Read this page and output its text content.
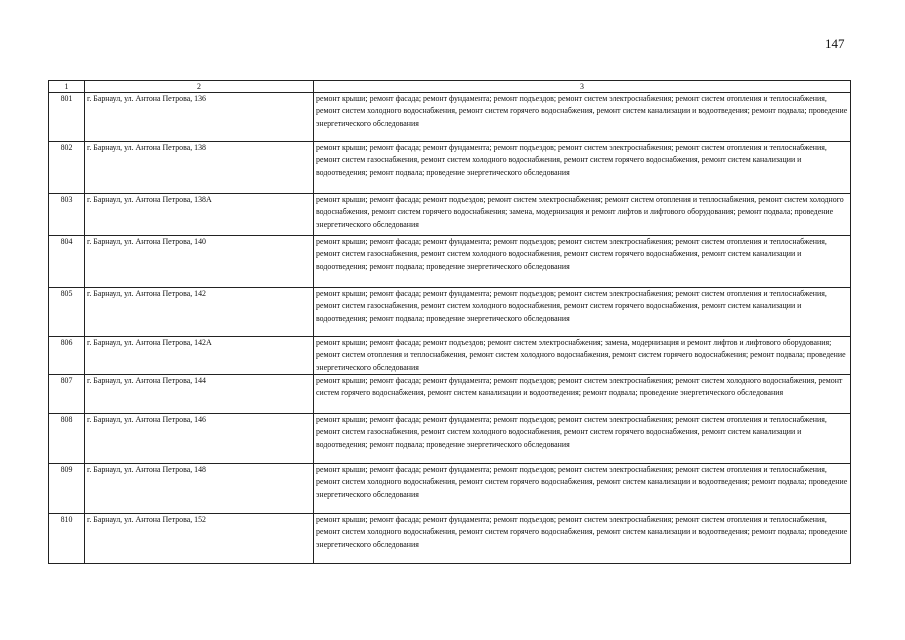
147
1	2	3
801	г. Барнаул, ул. Антона Петрова, 136	ремонт крыши; ремонт фасада; ремонт фундамента; ремонт подъездов; ремонт систем электроснабжения; ремонт систем отопления и теплоснабжения, ремонт систем холодного водоснабжения, ремонт систем горячего водоснабжения, ремонт систем канализации и водоотведения; ремонт подвала; проведение энергетического обследования
802	г. Барнаул, ул. Антона Петрова, 138	ремонт крыши; ремонт фасада; ремонт фундамента; ремонт подъездов; ремонт систем электроснабжения; ремонт систем отопления и теплоснабжения, ремонт систем газоснабжения, ремонт систем холодного водоснабжения, ремонт систем горячего водоснабжения, ремонт систем канализации и водоотведения; ремонт подвала; проведение энергетического обследования
803	г. Барнаул, ул. Антона Петрова, 138А	ремонт крыши; ремонт фасада; ремонт подъездов; ремонт систем электроснабжения; ремонт систем отопления и теплоснабжения, ремонт систем холодного водоснабжения, ремонт систем горячего водоснабжения; замена, модернизация и ремонт лифтов и лифтового оборудования; ремонт подвала; проведение энергетического обследования
804	г. Барнаул, ул. Антона Петрова, 140	ремонт крыши; ремонт фасада; ремонт фундамента; ремонт подъездов; ремонт систем электроснабжения; ремонт систем отопления и теплоснабжения, ремонт систем газоснабжения, ремонт систем холодного водоснабжения, ремонт систем горячего водоснабжения, ремонт систем канализации и водоотведения; ремонт подвала; проведение энергетического обследования
805	г. Барнаул, ул. Антона Петрова, 142	ремонт крыши; ремонт фасада; ремонт фундамента; ремонт подъездов; ремонт систем электроснабжения; ремонт систем отопления и теплоснабжения, ремонт систем газоснабжения, ремонт систем холодного водоснабжения, ремонт систем горячего водоснабжения, ремонт систем канализации и водоотведения; ремонт подвала; проведение энергетического обследования
806	г. Барнаул, ул. Антона Петрова, 142А	ремонт крыши; ремонт фасада; ремонт подъездов; ремонт систем электроснабжения; замена, модернизация и ремонт лифтов и лифтового оборудования; ремонт систем отопления и теплоснабжения, ремонт систем холодного водоснабжения, ремонт систем горячего водоснабжения; ремонт подвала; проведение энергетического обследования
807	г. Барнаул, ул. Антона Петрова, 144	ремонт крыши; ремонт фасада; ремонт фундамента; ремонт подъездов; ремонт систем электроснабжения; ремонт систем холодного водоснабжения, ремонт систем горячего водоснабжения, ремонт систем канализации и водоотведения; ремонт подвала; проведение энергетического обследования
808	г. Барнаул, ул. Антона Петрова, 146	ремонт крыши; ремонт фасада; ремонт фундамента; ремонт подъездов; ремонт систем электроснабжения; ремонт систем отопления и теплоснабжения, ремонт систем газоснабжения, ремонт систем холодного водоснабжения, ремонт систем горячего водоснабжения, ремонт систем канализации и водоотведения; ремонт подвала; проведение энергетического обследования
809	г. Барнаул, ул. Антона Петрова, 148	ремонт крыши; ремонт фасада; ремонт фундамента; ремонт подъездов; ремонт систем электроснабжения; ремонт систем отопления и теплоснабжения, ремонт систем холодного водоснабжения, ремонт систем горячего водоснабжения, ремонт систем канализации и водоотведения; ремонт подвала; проведение энергетического обследования
810	г. Барнаул, ул. Антона Петрова, 152	ремонт крыши; ремонт фасада; ремонт фундамента; ремонт подъездов; ремонт систем электроснабжения; ремонт систем отопления и теплоснабжения, ремонт систем холодного водоснабжения, ремонт систем горячего водоснабжения, ремонт систем канализации и водоотведения; ремонт подвала; проведение энергетического обследования
